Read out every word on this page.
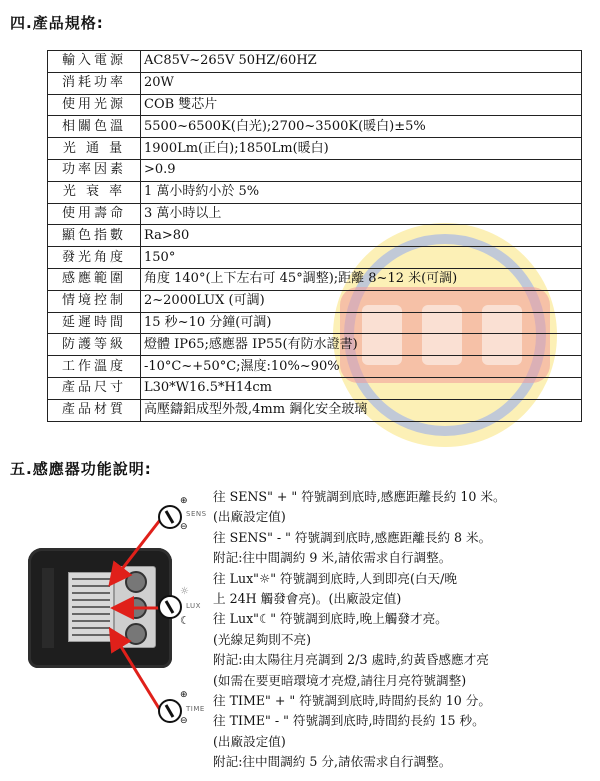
四.產品規格:
輸入電源	AC85V~265V 50HZ/60HZ
消耗功率	20W
使用光源	COB 雙芯片
相關色溫	5500~6500K(白光);2700~3500K(暖白)±5%
光 通 量	1900Lm(正白);1850Lm(暖白)
功率因素	>0.9
光 衰 率	1 萬小時約小於 5%
使用壽命	3 萬小時以上
顯色指數	Ra>80
發光角度	150°
感應範圍	角度 140°(上下左右可 45°調整);距離 8~12 米(可調)
情境控制	2~2000LUX (可調)
延遲時間	15 秒~10 分鐘(可調)
防護等級	燈體 IP65;感應器 IP55(有防水證書)
工作溫度	-10°C~+50°C;濕度:10%~90%
產品尺寸	L30*W16.5*H14cm
產品材質	高壓鑄鋁成型外殼,4mm 鋼化安全玻璃
五.感應器功能說明:
⊕
SENS
⊖
☼
LUX
☾
⊕
TIME
⊖
往 SENS" + " 符號調到底時,感應距離長約 10 米。
(出廠設定值)
往 SENS" - " 符號調到底時,感應距離長約 8 米。
附記:往中間調約 9 米,請依需求自行調整。
往 Lux"☼" 符號調到底時,人到即亮(白天/晚
上 24H 觸發會亮)。(出廠設定值)
往 Lux"☾" 符號調到底時,晚上觸發才亮。
(光線足夠則不亮)
附記:由太陽往月亮調到 2/3 處時,約黃昏感應才亮
(如需在要更暗環境才亮燈,請往月亮符號調整)
往 TIME" + " 符號調到底時,時間約長約 10 分。
往 TIME" - " 符號調到底時,時間約長約 15 秒。
(出廠設定值)
附記:往中間調約 5 分,請依需求自行調整。
